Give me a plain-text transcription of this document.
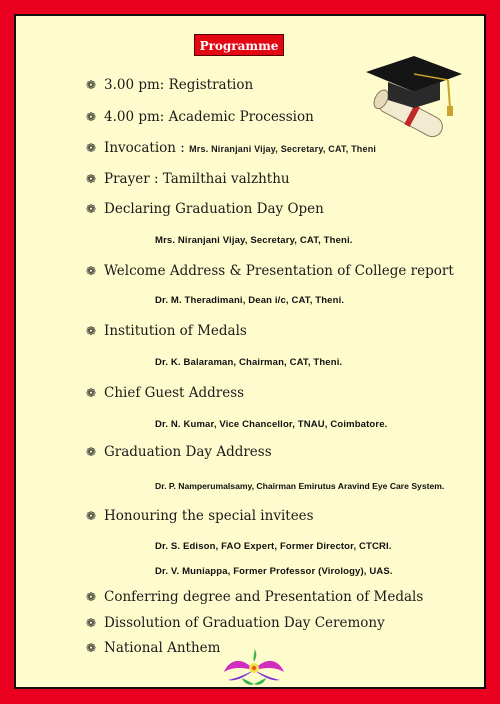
Programme
❁ 3.00 pm: Registration
❁ 4.00 pm: Academic Procession
❁ Invocation : Mrs. Niranjani Vijay, Secretary, CAT, Theni
❁ Prayer : Tamilthai valzhthu
❁ Declaring Graduation Day Open
Mrs. Niranjani Vijay, Secretary, CAT, Theni.
❁ Welcome Address & Presentation of College report
Dr. M. Theradimani, Dean i/c, CAT, Theni.
❁ Institution of Medals
Dr. K. Balaraman, Chairman, CAT, Theni.
❁ Chief Guest Address
Dr. N. Kumar, Vice Chancellor, TNAU, Coimbatore.
❁ Graduation Day Address
Dr. P. Namperumalsamy, Chairman Emirutus Aravind Eye Care System.
❁ Honouring the special invitees
Dr. S. Edison, FAO Expert, Former Director, CTCRI.
Dr. V. Muniappa, Former Professor (Virology), UAS.
❁ Conferring degree and Presentation of Medals
❁ Dissolution of Graduation Day Ceremony
❁ National Anthem
